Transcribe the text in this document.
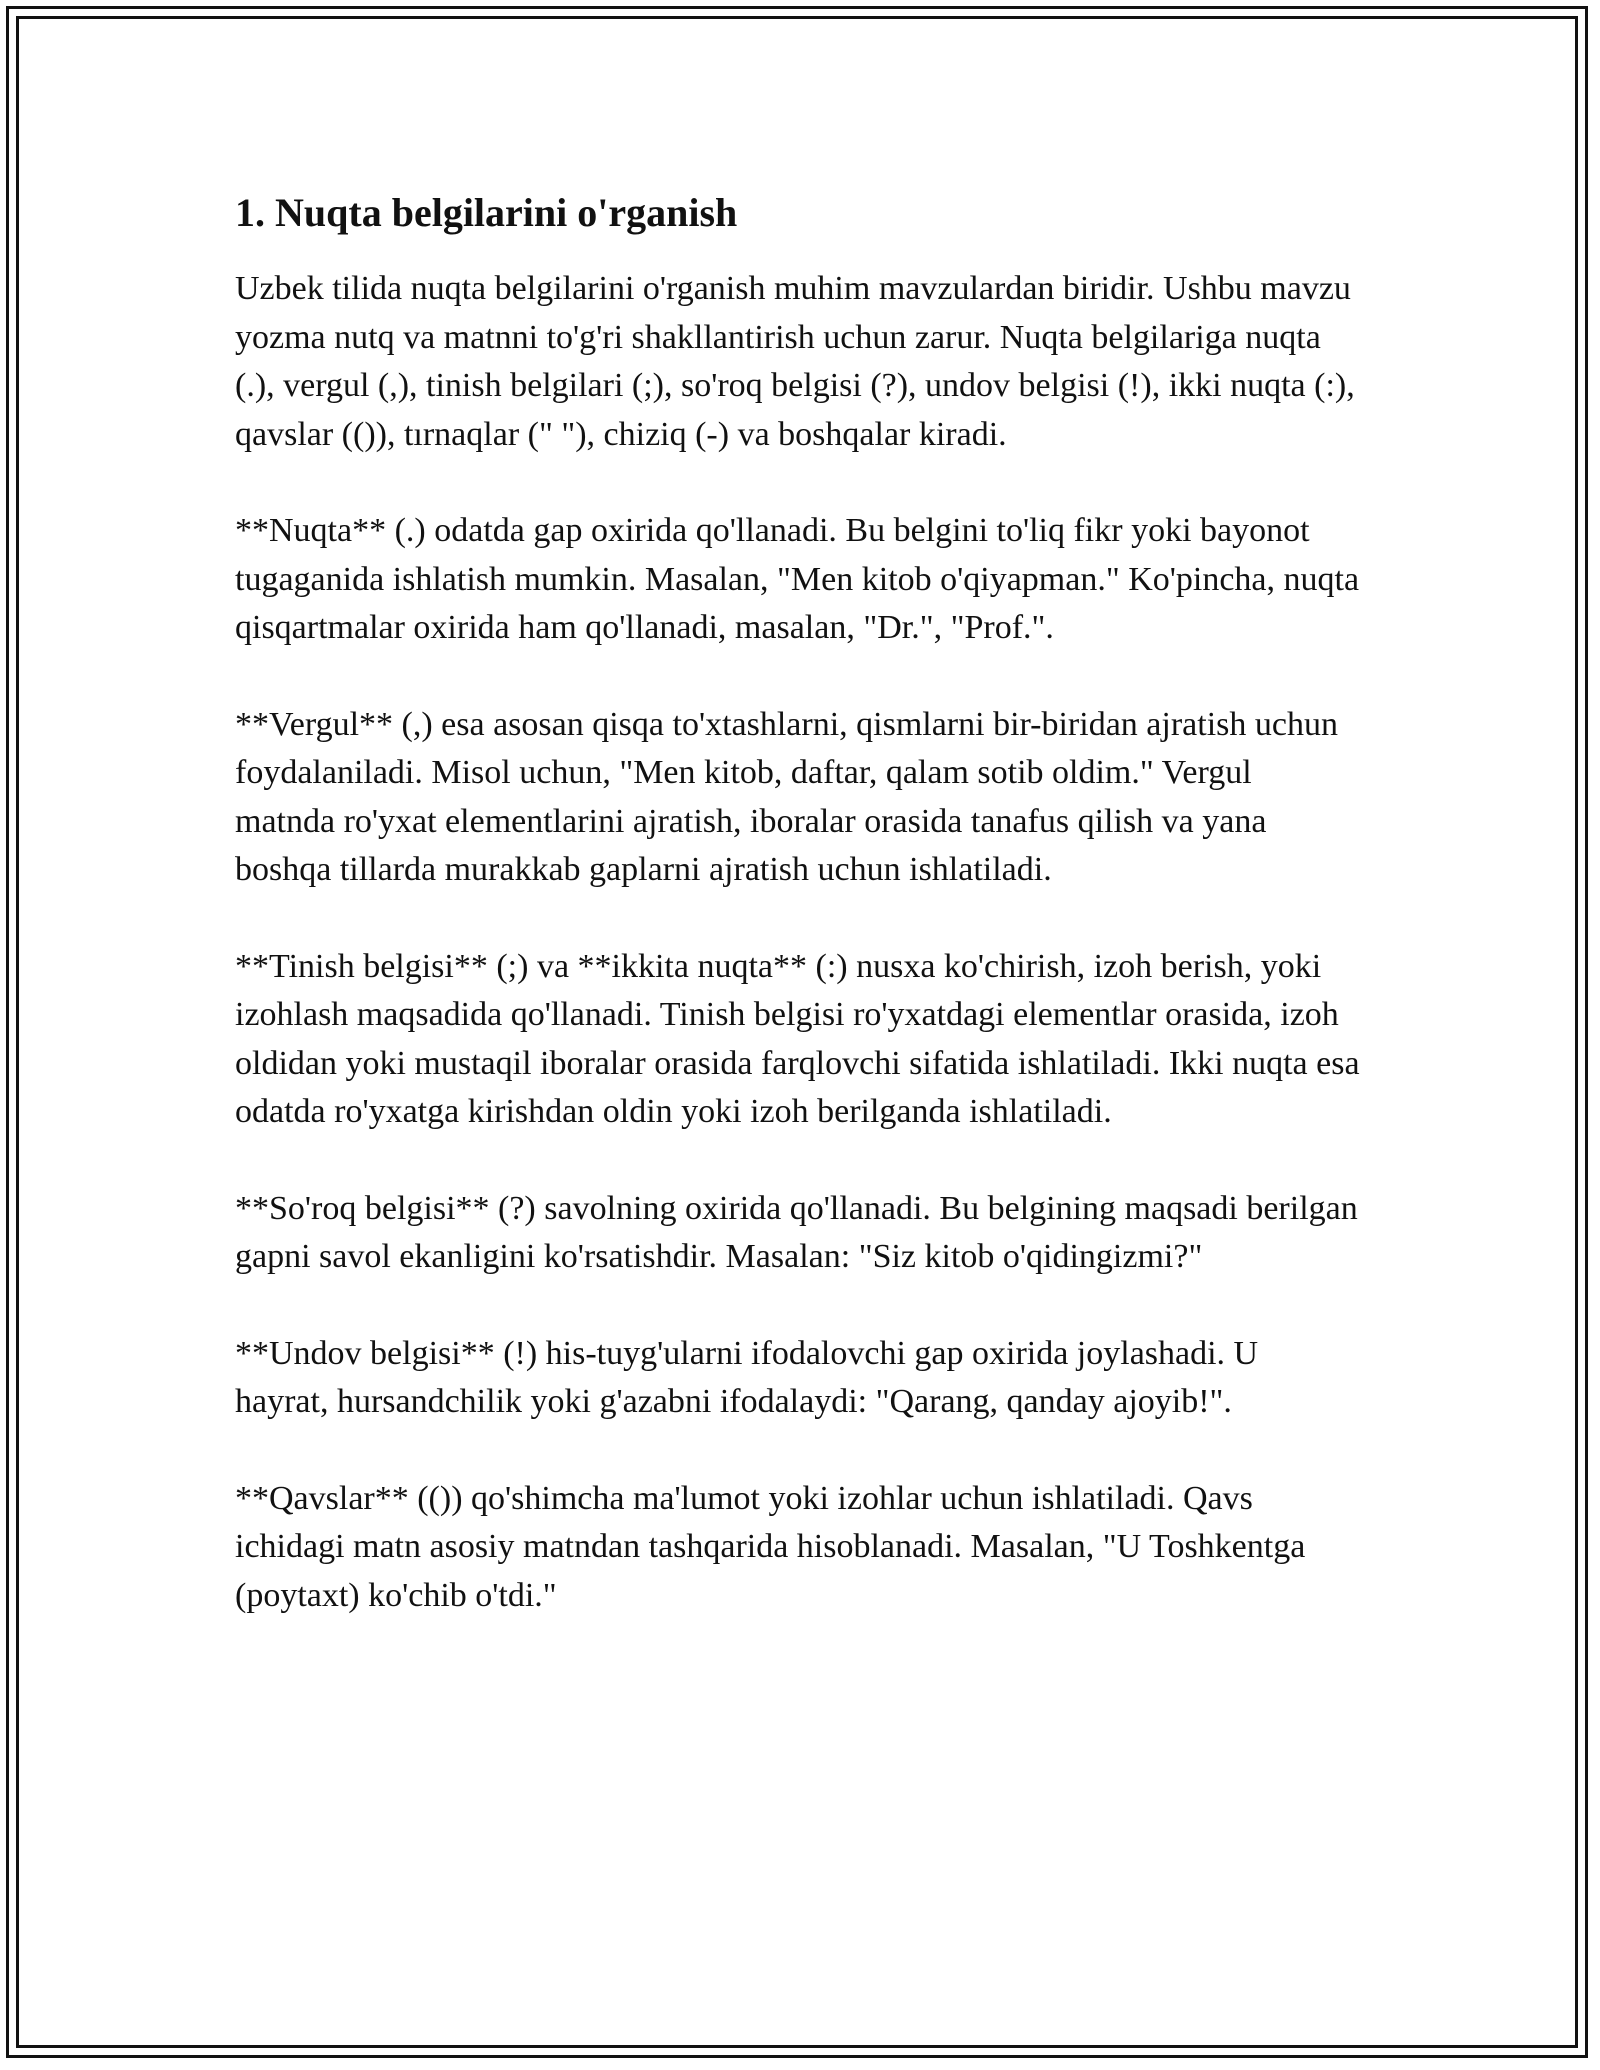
1. Nuqta belgilarini o'rganish

Uzbek tilida nuqta belgilarini o'rganish muhim mavzulardan biridir. Ushbu mavzu yozma nutq va matnni to'g'ri shakllantirish uchun zarur. Nuqta belgilariga nuqta (.), vergul (,), tinish belgilari (;), so'roq belgisi (?), undov belgisi (!), ikki nuqta (:), qavslar (()), tırnaqlar (" "), chiziq (-) va boshqalar kiradi.

**Nuqta** (.) odatda gap oxirida qo'llanadi. Bu belgini to'liq fikr yoki bayonot tugaganida ishlatish mumkin. Masalan, "Men kitob o'qiyapman." Ko'pincha, nuqta qisqartmalar oxirida ham qo'llanadi, masalan, "Dr.", "Prof.".

**Vergul** (,) esa asosan qisqa to'xtashlarni, qismlarni bir-biridan ajratish uchun foydalaniladi. Misol uchun, "Men kitob, daftar, qalam sotib oldim." Vergul matnda ro'yxat elementlarini ajratish, iboralar orasida tanafus qilish va yana boshqa tillarda murakkab gaplarni ajratish uchun ishlatiladi.

**Tinish belgisi** (;) va **ikkita nuqta** (:) nusxa ko'chirish, izoh berish, yoki izohlash maqsadida qo'llanadi. Tinish belgisi ro'yxatdagi elementlar orasida, izoh oldidan yoki mustaqil iboralar orasida farqlovchi sifatida ishlatiladi. Ikki nuqta esa odatda ro'yxatga kirishdan oldin yoki izoh berilganda ishlatiladi.

**So'roq belgisi** (?) savolning oxirida qo'llanadi. Bu belgining maqsadi berilgan gapni savol ekanligini ko'rsatishdir. Masalan: "Siz kitob o'qidingizmi?"

**Undov belgisi** (!) his-tuyg'ularni ifodalovchi gap oxirida joylashadi. U hayrat, hursandchilik yoki g'azabni ifodalaydi: "Qarang, qanday ajoyib!".

**Qavslar** (()) qo'shimcha ma'lumot yoki izohlar uchun ishlatiladi. Qavs ichidagi matn asosiy matndan tashqarida hisoblanadi. Masalan, "U Toshkentga (poytaxt) ko'chib o'tdi."
